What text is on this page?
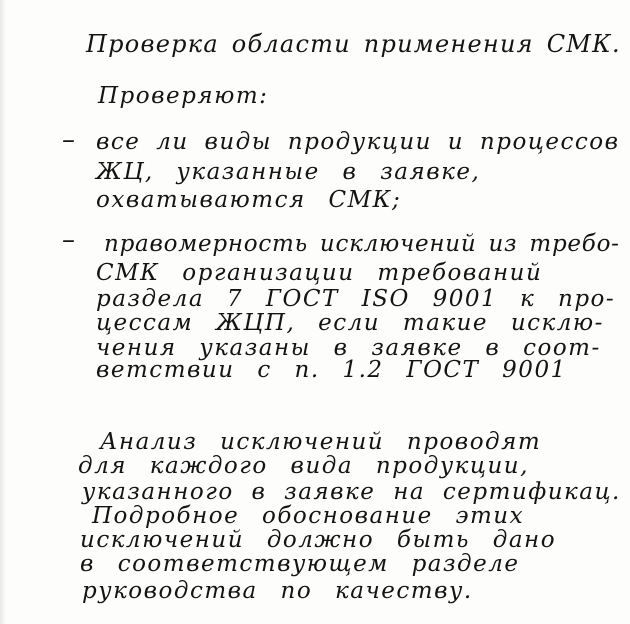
Проверка области применения СМК.
Проверяют:
– все ли виды продукции и процессов
ЖЦ, указанные в заявке,
охватываются СМК;
– правомерность исключений из требо-
СМК организации требований
раздела 7 ГОСТ ISO 9001 к про-
цессам ЖЦП, если такие исклю-
чения указаны в заявке в соот-
ветствии с п. 1.2 ГОСТ 9001
Анализ исключений проводят
для каждого вида продукции,
указанного в заявке на сертификац.
Подробное обоснование этих
исключений должно быть дано
в соответствующем разделе
руководства по качеству.
